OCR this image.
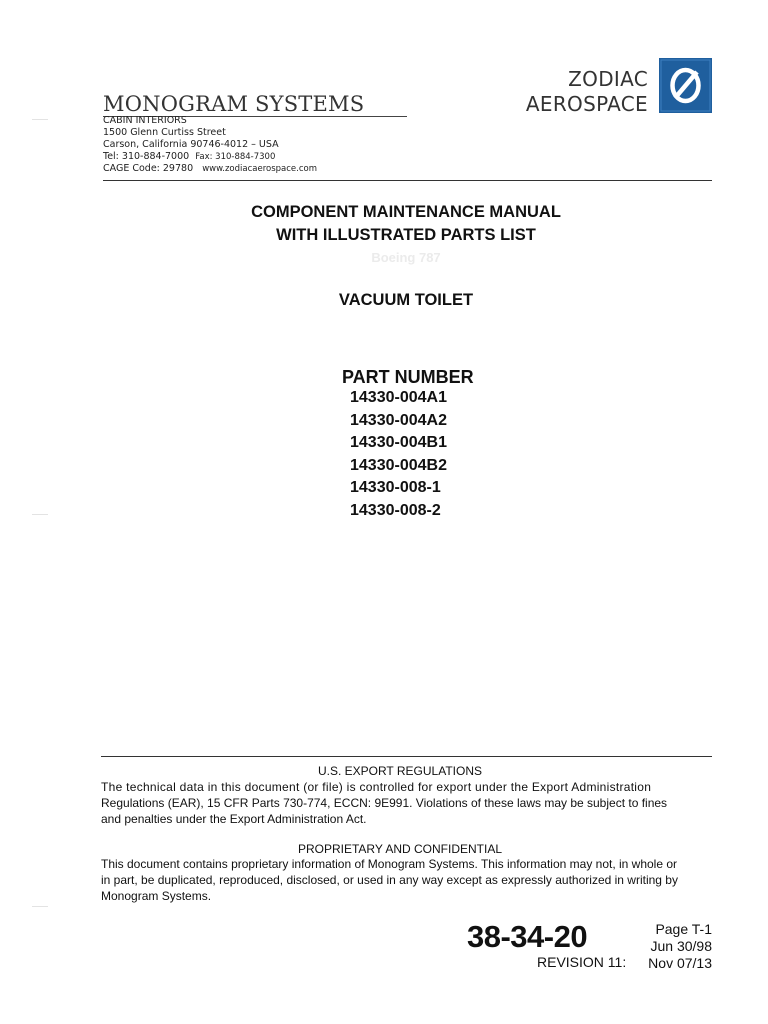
MONOGRAM SYSTEMS
CABIN INTERIORS
1500 Glenn Curtiss Street
Carson, California 90746-4012 – USA
Tel: 310-884-7000 Fax: 310-884-7300
CAGE Code: 29780 www.zodiacaerospace.com
ZODIAC
AEROSPACE
COMPONENT MAINTENANCE MANUAL
WITH ILLUSTRATED PARTS LIST
Boeing 787
VACUUM TOILET
PART NUMBER
14330-004A1
14330-004A2
14330-004B1
14330-004B2
14330-008-1
14330-008-2
U.S. EXPORT REGULATIONS
The technical data in this document (or file) is controlled for export under the Export Administration
Regulations (EAR), 15 CFR Parts 730-774, ECCN: 9E991. Violations of these laws may be subject to fines
and penalties under the Export Administration Act.
PROPRIETARY AND CONFIDENTIAL
This document contains proprietary information of Monogram Systems. This information may not, in whole or
in part, be duplicated, reproduced, disclosed, or used in any way except as expressly authorized in writing by
Monogram Systems.
38-34-20
REVISION 11:
Page T-1
Jun 30/98
Nov 07/13
